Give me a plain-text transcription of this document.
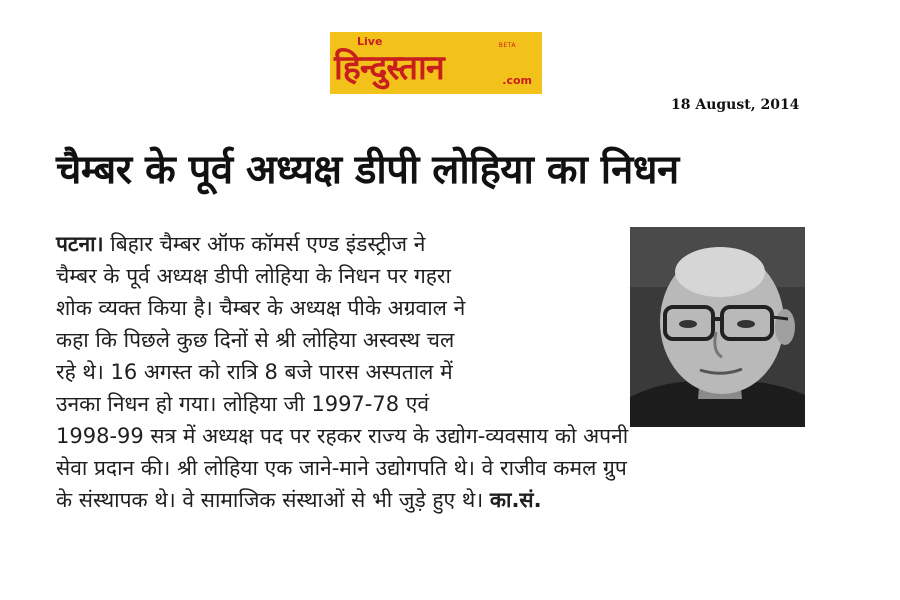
Live	BETA
हिन्दुस्तान	.com
18 August, 2014
चैम्बर के पूर्व अध्यक्ष डीपी लोहिया का निधन
पटना। बिहार चैम्बर ऑफ कॉमर्स एण्ड इंडस्ट्रीज ने
चैम्बर के पूर्व अध्यक्ष डीपी लोहिया के निधन पर गहरा
शोक व्यक्त किया है। चैम्बर के अध्यक्ष पीके अग्रवाल ने
कहा कि पिछले कुछ दिनों से श्री लोहिया अस्वस्थ चल
रहे थे। 16 अगस्त को रात्रि 8 बजे पारस अस्पताल में
उनका निधन हो गया। लोहिया जी 1997-78 एवं
1998-99 सत्र में अध्यक्ष पद पर रहकर राज्य के उद्योग-व्यवसाय को अपनी
सेवा प्रदान की। श्री लोहिया एक जाने-माने उद्योगपति थे। वे राजीव कमल ग्रुप
के संस्थापक थे। वे सामाजिक संस्थाओं से भी जुड़े हुए थे। का.सं.
